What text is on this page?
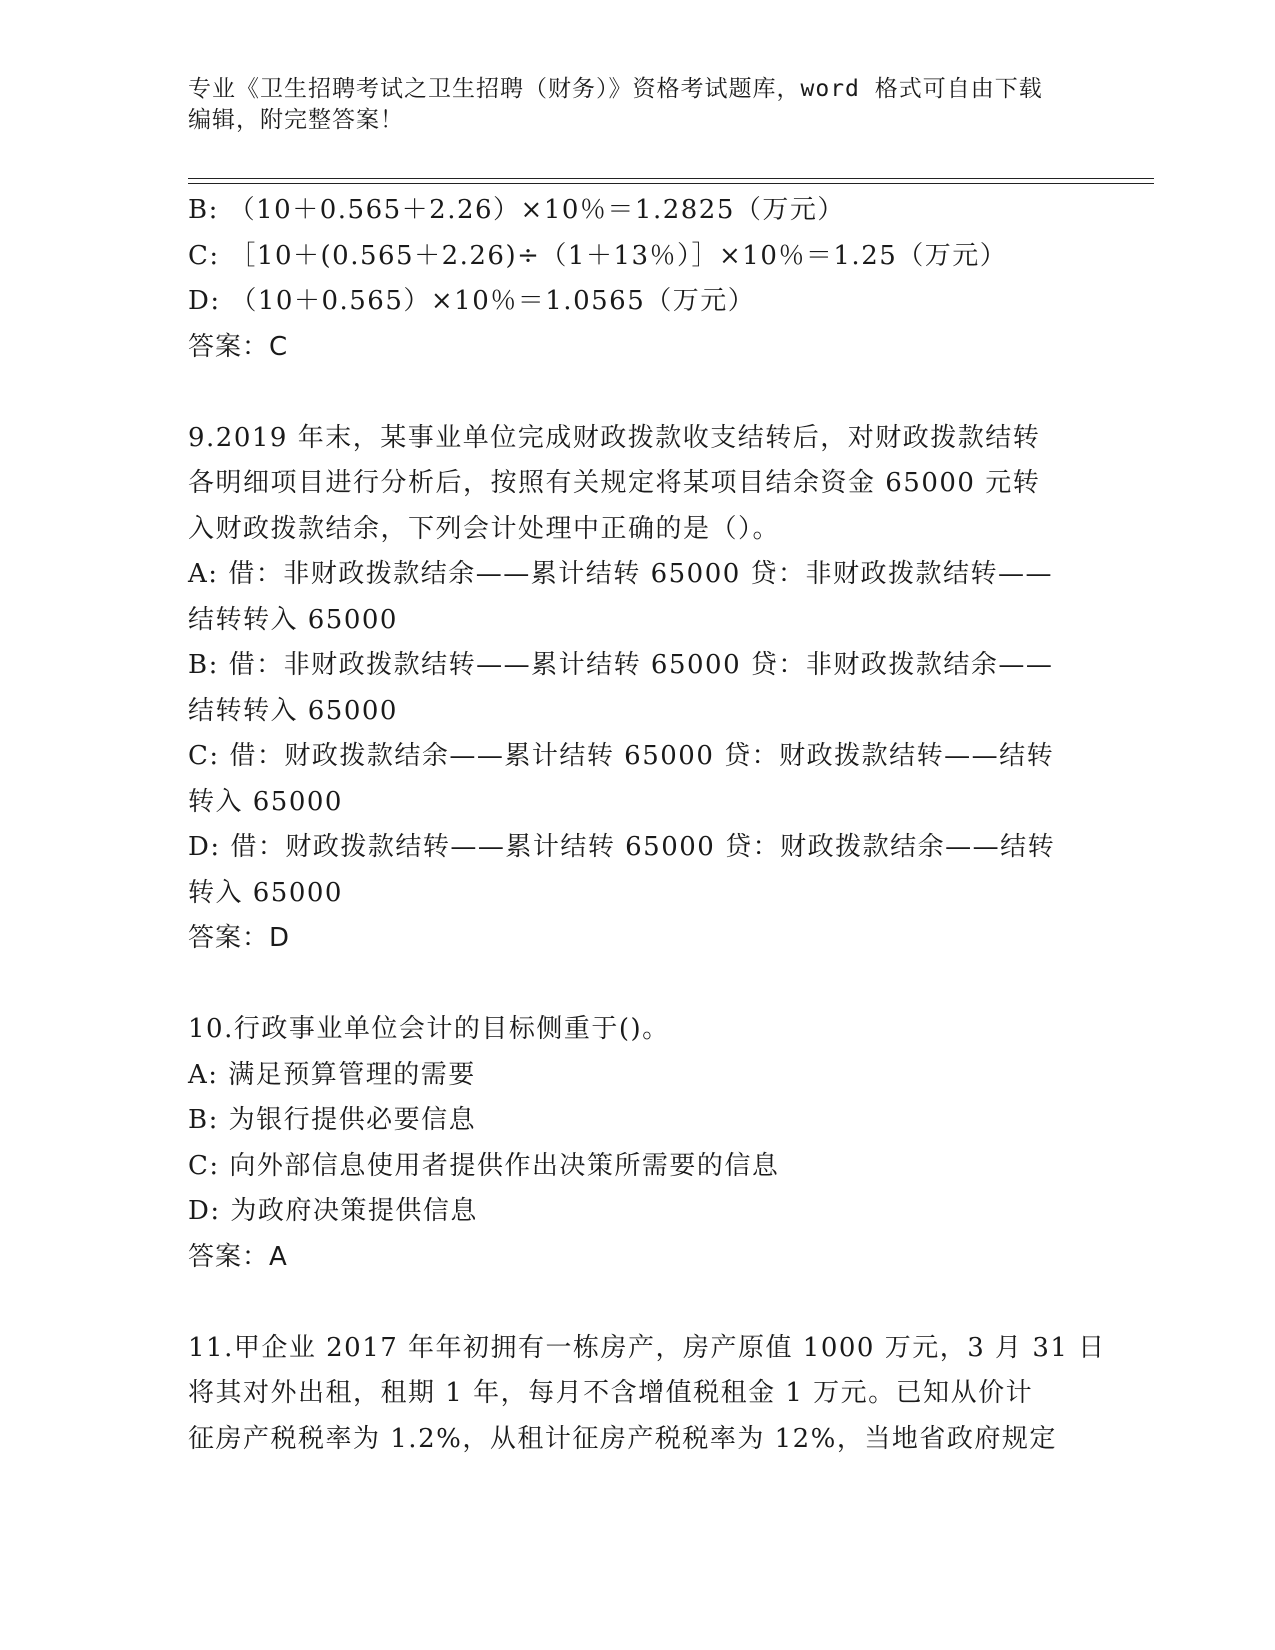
专业《卫生招聘考试之卫生招聘（财务）》资格考试题库，word 格式可自由下载
编辑，附完整答案！
B: （10＋0.565＋2.26）×10％＝1.2825（万元）
C: ［10＋(0.565＋2.26)÷（1＋13％）］×10％＝1.25（万元）
D: （10＋0.565）×10％＝1.0565（万元）
答案：C
9.2019 年末，某事业单位完成财政拨款收支结转后，对财政拨款结转
各明细项目进行分析后，按照有关规定将某项目结余资金 65000 元转
入财政拨款结余，下列会计处理中正确的是（）。
A: 借：非财政拨款结余——累计结转 65000 贷：非财政拨款结转——
结转转入 65000
B: 借：非财政拨款结转——累计结转 65000 贷：非财政拨款结余——
结转转入 65000
C: 借：财政拨款结余——累计结转 65000 贷：财政拨款结转——结转
转入 65000
D: 借：财政拨款结转——累计结转 65000 贷：财政拨款结余——结转
转入 65000
答案：D
10.行政事业单位会计的目标侧重于()。
A: 满足预算管理的需要
B: 为银行提供必要信息
C: 向外部信息使用者提供作出决策所需要的信息
D: 为政府决策提供信息
答案：A
11.甲企业 2017 年年初拥有一栋房产，房产原值 1000 万元，3 月 31 日
将其对外出租，租期 1 年，每月不含增值税租金 1 万元。已知从价计
征房产税税率为 1.2%，从租计征房产税税率为 12%，当地省政府规定
